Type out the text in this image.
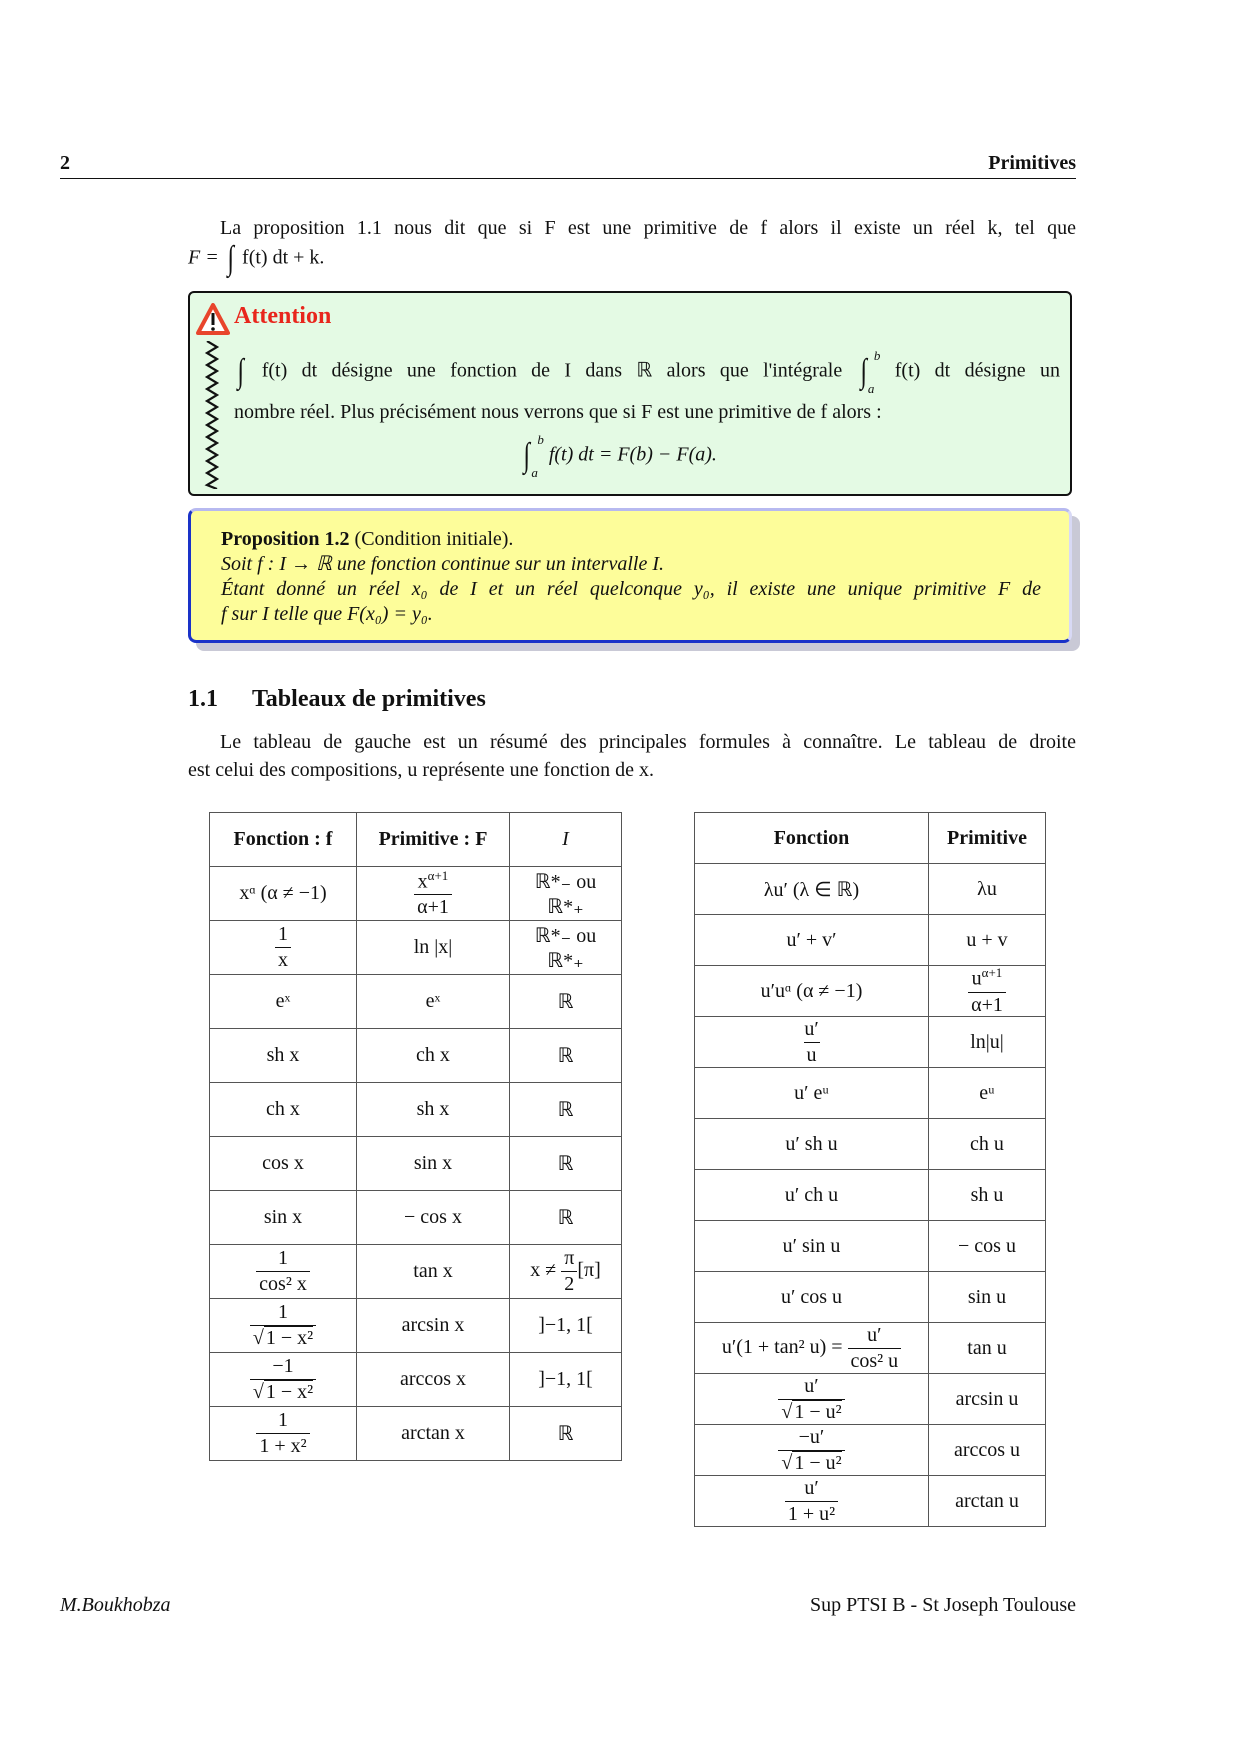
2	Primitives
La proposition 1.1 nous dit que si F est une primitive de f alors il existe un réel k, tel que
F = ∫ f(t) dt + k.
Attention
∫ f(t) dt désigne une fonction de I dans ℝ alors que l'intégrale ∫ b
a
f(t) dt désigne un
nombre réel. Plus précisément nous verrons que si F est une primitive de f alors :
∫ b
a
f(t) dt = F(b) − F(a).
Proposition 1.2 (Condition initiale).
Soit f : I → ℝ une fonction continue sur un intervalle I.
Étant donné un réel x₀ de I et un réel quelconque y₀, il existe une unique primitive F de
f sur I telle que F(x₀) = y₀.
1.1 Tableaux de primitives
Le tableau de gauche est un résumé des principales formules à connaître. Le tableau de droite
est celui des compositions, u représente une fonction de x.
Fonction : f	Primitive : F	I
xᵅ (α ≠ −1)	$\frac{x^{\alpha+1}}{\alpha+1}$	ℝ*₋ ou ℝ*₊

$\frac{1}{x}$	ln |x|	ℝ*₋ ou ℝ*₊
eˣ	eˣ	ℝ
sh x	ch x	ℝ
ch x	sh x	ℝ
cos x	sin x	ℝ
sin x	− cos x	ℝ

$\frac{1}{\text{cos² x}}$	tan x	$x \ne \frac{\pi}{2} [\pi]$

$\frac{1}{\text{√ 1 − x²}}$	arcsin x	]−1, 1[

$\frac{-1}{\text{√ 1 − x²}}$	arccos x	]−1, 1[

$\frac{1}{\text{1 + x²}}$	arctan x	ℝ
Fonction	Primitive
λu′ (λ ∈ ℝ)	λu
u′ + v′	u + v
u′uᵅ (α ≠ −1)	$\frac{u^{\alpha+1}}{\alpha+1}$

$\frac{u'}{u}$	ln|u|
u′ eᵘ	eᵘ
u′ sh u	ch u
u′ ch u	sh u
u′ sin u	− cos u
u′ cos u	sin u
u′(1 + tan² $u) = \frac{u'}{\text{cos² u}}$	tan u

$\frac{u'}{\text{√ 1 − u²}}$	arcsin u

$\frac{-u'}{\text{√ 1 − u²}}$	arccos u

$\frac{u'}{\text{1 + u²}}$	arctan u
M.Boukhobza	Sup PTSI B - St Joseph Toulouse
